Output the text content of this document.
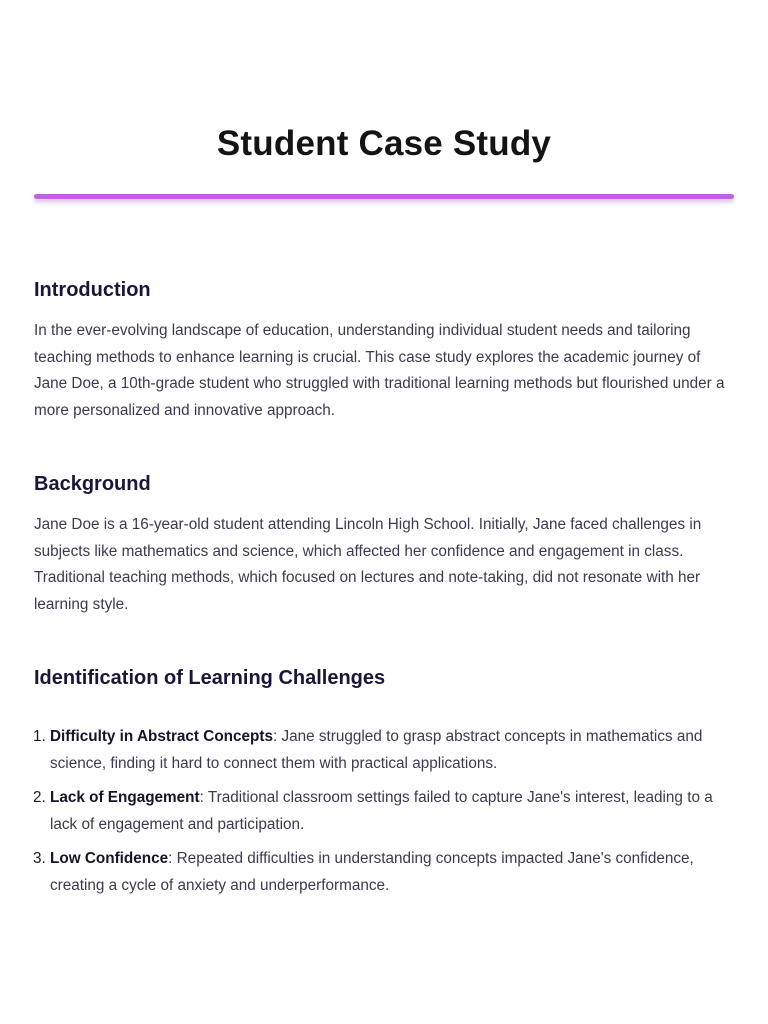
Student Case Study
Introduction

In the ever-evolving landscape of education, understanding individual student needs and tailoring teaching methods to enhance learning is crucial. This case study explores the academic journey of Jane Doe, a 10th-grade student who struggled with traditional learning methods but flourished under a more personalized and innovative approach.

Background

Jane Doe is a 16-year-old student attending Lincoln High School. Initially, Jane faced challenges in subjects like mathematics and science, which affected her confidence and engagement in class. Traditional teaching methods, which focused on lectures and note-taking, did not resonate with her learning style.

Identification of Learning Challenges
1. Difficulty in Abstract Concepts: Jane struggled to grasp abstract concepts in mathematics and science, finding it hard to connect them with practical applications.
2. Lack of Engagement: Traditional classroom settings failed to capture Jane's interest, leading to a lack of engagement and participation.
3. Low Confidence: Repeated difficulties in understanding concepts impacted Jane's confidence, creating a cycle of anxiety and underperformance.
